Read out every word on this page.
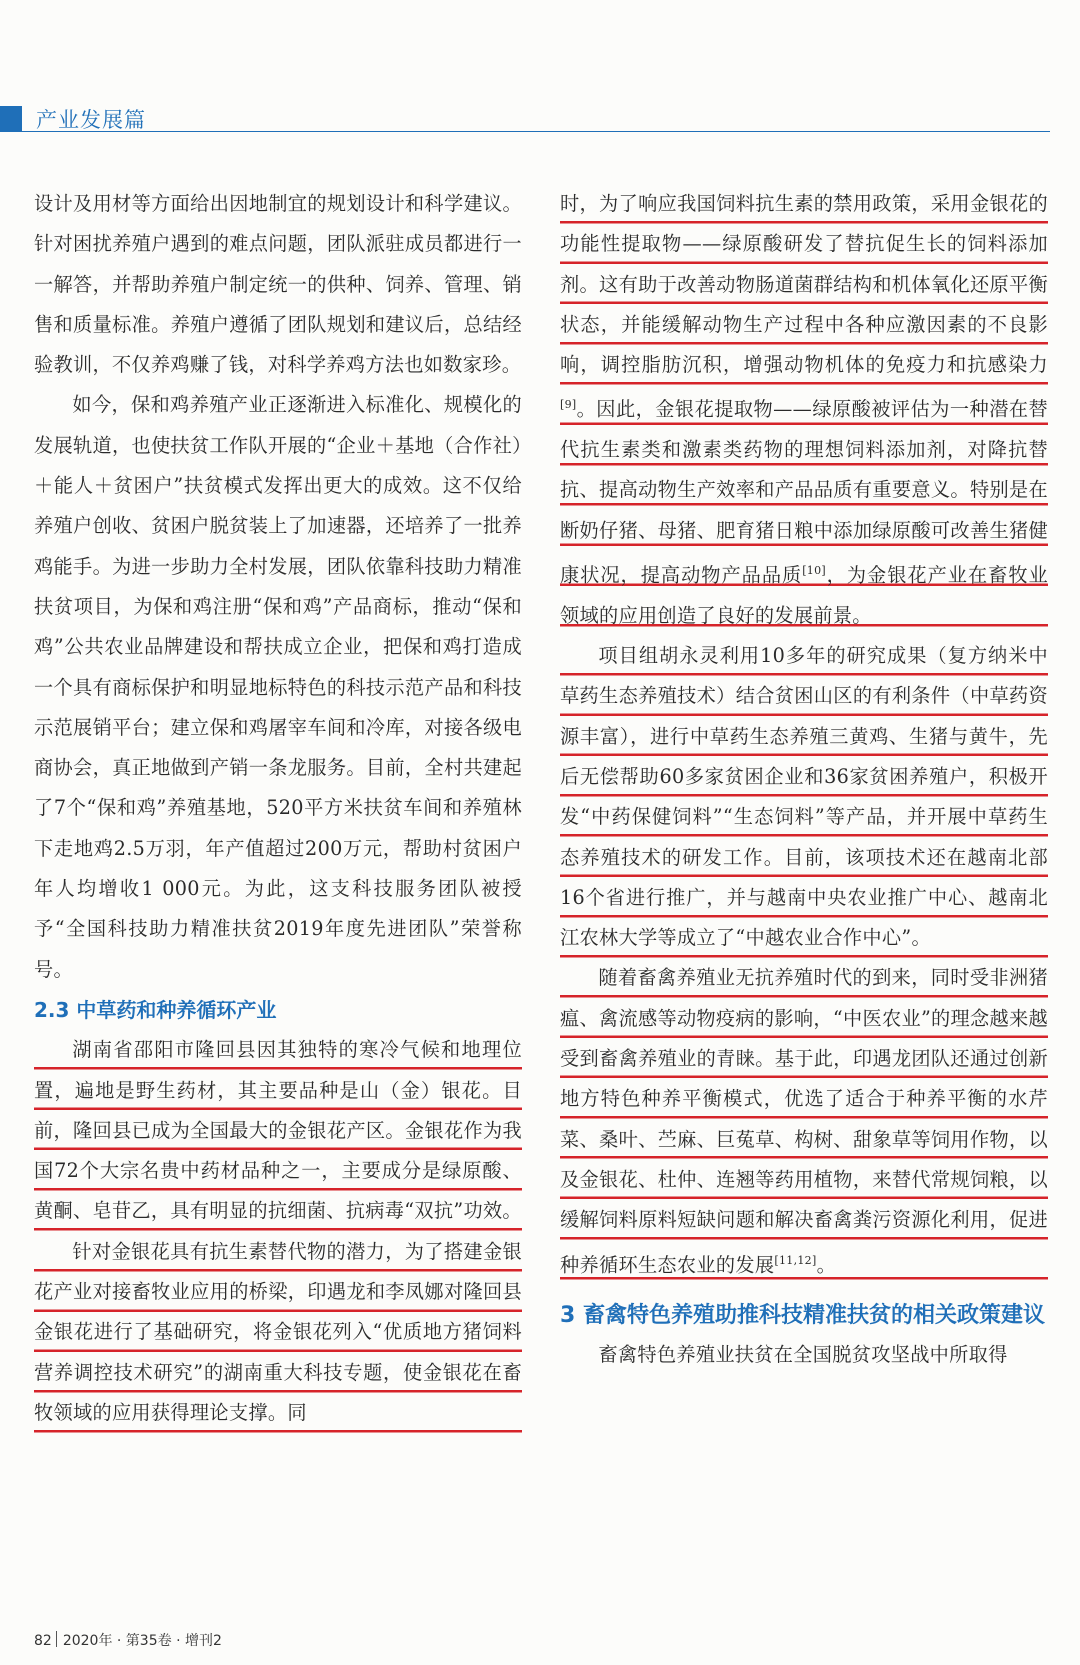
产业发展篇

设计及用材等方面给出因地制宜的规划设计和科学建议。针对困扰养殖户遇到的难点问题，团队派驻成员都进行一一解答，并帮助养殖户制定统一的供种、饲养、管理、销售和质量标准。养殖户遵循了团队规划和建议后，总结经验教训，不仅养鸡赚了钱，对科学养鸡方法也如数家珍。

如今，保和鸡养殖产业正逐渐进入标准化、规模化的发展轨道，也使扶贫工作队开展的“企业＋基地（合作社）＋能人＋贫困户”扶贫模式发挥出更大的成效。这不仅给养殖户创收、贫困户脱贫装上了加速器，还培养了一批养鸡能手。为进一步助力全村发展，团队依靠科技助力精准扶贫项目，为保和鸡注册“保和鸡”产品商标，推动“保和鸡”公共农业品牌建设和帮扶成立企业，把保和鸡打造成一个具有商标保护和明显地标特色的科技示范产品和科技示范展销平台；建立保和鸡屠宰车间和冷库，对接各级电商协会，真正地做到产销一条龙服务。目前，全村共建起了7个“保和鸡”养殖基地，520平方米扶贫车间和养殖林下走地鸡2.5万羽，年产值超过200万元，帮助村贫困户年人均增收1 000元。为此，这支科技服务团队被授予“全国科技助力精准扶贫2019年度先进团队”荣誉称号。

2.3 中草药和种养循环产业

湖南省邵阳市隆回县因其独特的寒冷气候和地理位置，遍地是野生药材，其主要品种是山（金）银花。目前，隆回县已成为全国最大的金银花产区。金银花作为我国72个大宗名贵中药材品种之一，主要成分是绿原酸、黄酮、皂苷乙，具有明显的抗细菌、抗病毒“双抗”功效。

针对金银花具有抗生素替代物的潜力，为了搭建金银花产业对接畜牧业应用的桥梁，印遇龙和李凤娜对隆回县金银花进行了基础研究，将金银花列入“优质地方猪饲料营养调控技术研究”的湖南重大科技专题，使金银花在畜牧领域的应用获得理论支撑。同

时，为了响应我国饲料抗生素的禁用政策，采用金银花的功能性提取物——绿原酸研发了替抗促生长的饲料添加剂。这有助于改善动物肠道菌群结构和机体氧化还原平衡状态，并能缓解动物生产过程中各种应激因素的不良影响，调控脂肪沉积，增强动物机体的免疫力和抗感染力[9]。因此，金银花提取物——绿原酸被评估为一种潜在替代抗生素类和激素类药物的理想饲料添加剂，对降抗替抗、提高动物生产效率和产品品质有重要意义。特别是在断奶仔猪、母猪、肥育猪日粮中添加绿原酸可改善生猪健康状况，提高动物产品品质[10]，为金银花产业在畜牧业领域的应用创造了良好的发展前景。

项目组胡永灵利用10多年的研究成果（复方纳米中草药生态养殖技术）结合贫困山区的有利条件（中草药资源丰富），进行中草药生态养殖三黄鸡、生猪与黄牛，先后无偿帮助60多家贫困企业和36家贫困养殖户，积极开发“中药保健饲料”“生态饲料”等产品，并开展中草药生态养殖技术的研发工作。目前，该项技术还在越南北部16个省进行推广，并与越南中央农业推广中心、越南北江农林大学等成立了“中越农业合作中心”。

随着畜禽养殖业无抗养殖时代的到来，同时受非洲猪瘟、禽流感等动物疫病的影响，“中医农业”的理念越来越受到畜禽养殖业的青睐。基于此，印遇龙团队还通过创新地方特色种养平衡模式，优选了适合于种养平衡的水芹菜、桑叶、苎麻、巨菟草、构树、甜象草等饲用作物，以及金银花、杜仲、连翘等药用植物，来替代常规饲粮，以缓解饲料原料短缺问题和解决畜禽粪污资源化利用，促进种养循环生态农业的发展[11,12]。

3 畜禽特色养殖助推科技精准扶贫的相关政策建议

畜禽特色养殖业扶贫在全国脱贫攻坚战中所取得

82 2020年 · 第35卷 · 增刊2
